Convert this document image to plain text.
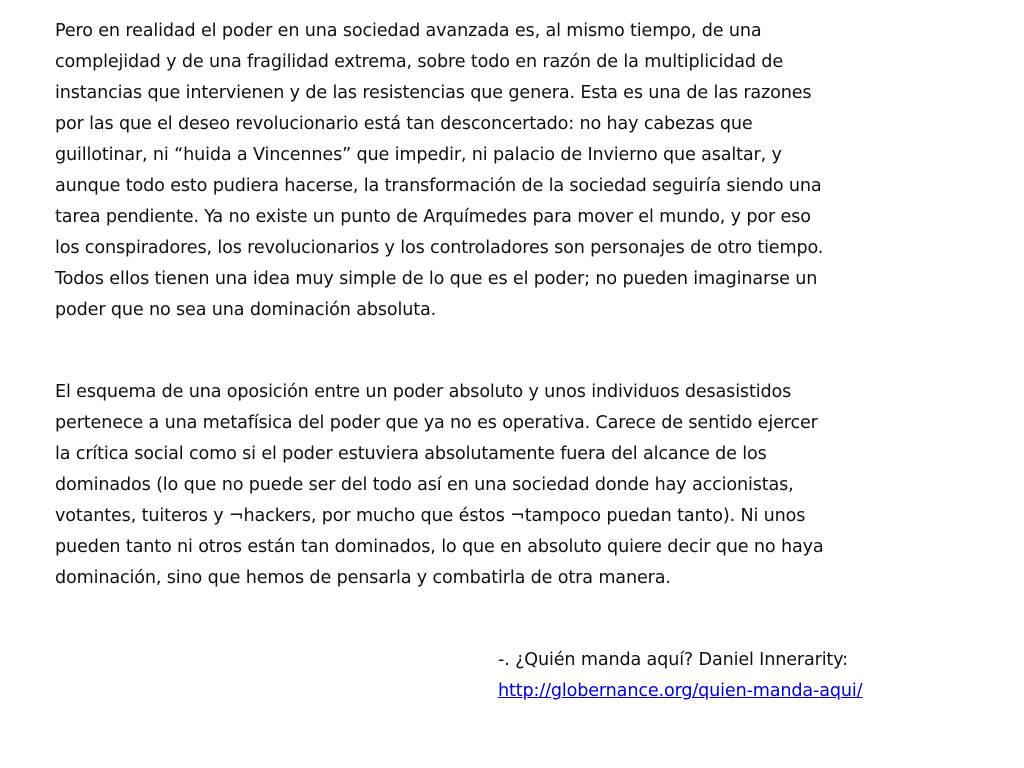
Pero en realidad el poder en una sociedad avanzada es, al mismo tiempo, de una
complejidad y de una fragilidad extrema, sobre todo en razón de la multiplicidad de
instancias que intervienen y de las resistencias que genera. Esta es una de las razones
por las que el deseo revolucionario está tan desconcertado: no hay cabezas que
guillotinar, ni “huida a Vincennes” que impedir, ni palacio de Invierno que asaltar, y
aunque todo esto pudiera hacerse, la transformación de la sociedad seguiría siendo una
tarea pendiente. Ya no existe un punto de Arquímedes para mover el mundo, y por eso
los conspiradores, los revolucionarios y los controladores son personajes de otro tiempo.
Todos ellos tienen una idea muy simple de lo que es el poder; no pueden imaginarse un
poder que no sea una dominación absoluta.
El esquema de una oposición entre un poder absoluto y unos individuos desasistidos
pertenece a una metafísica del poder que ya no es operativa. Carece de sentido ejercer
la crítica social como si el poder estuviera absolutamente fuera del alcance de los
dominados (lo que no puede ser del todo así en una sociedad donde hay accionistas,
votantes, tuiteros y ¬hackers, por mucho que éstos ¬tampoco puedan tanto). Ni unos
pueden tanto ni otros están tan dominados, lo que en absoluto quiere decir que no haya
dominación, sino que hemos de pensarla y combatirla de otra manera.
-. ¿Quién manda aquí? Daniel Innerarity:
http://globernance.org/quien-manda-aqui/
